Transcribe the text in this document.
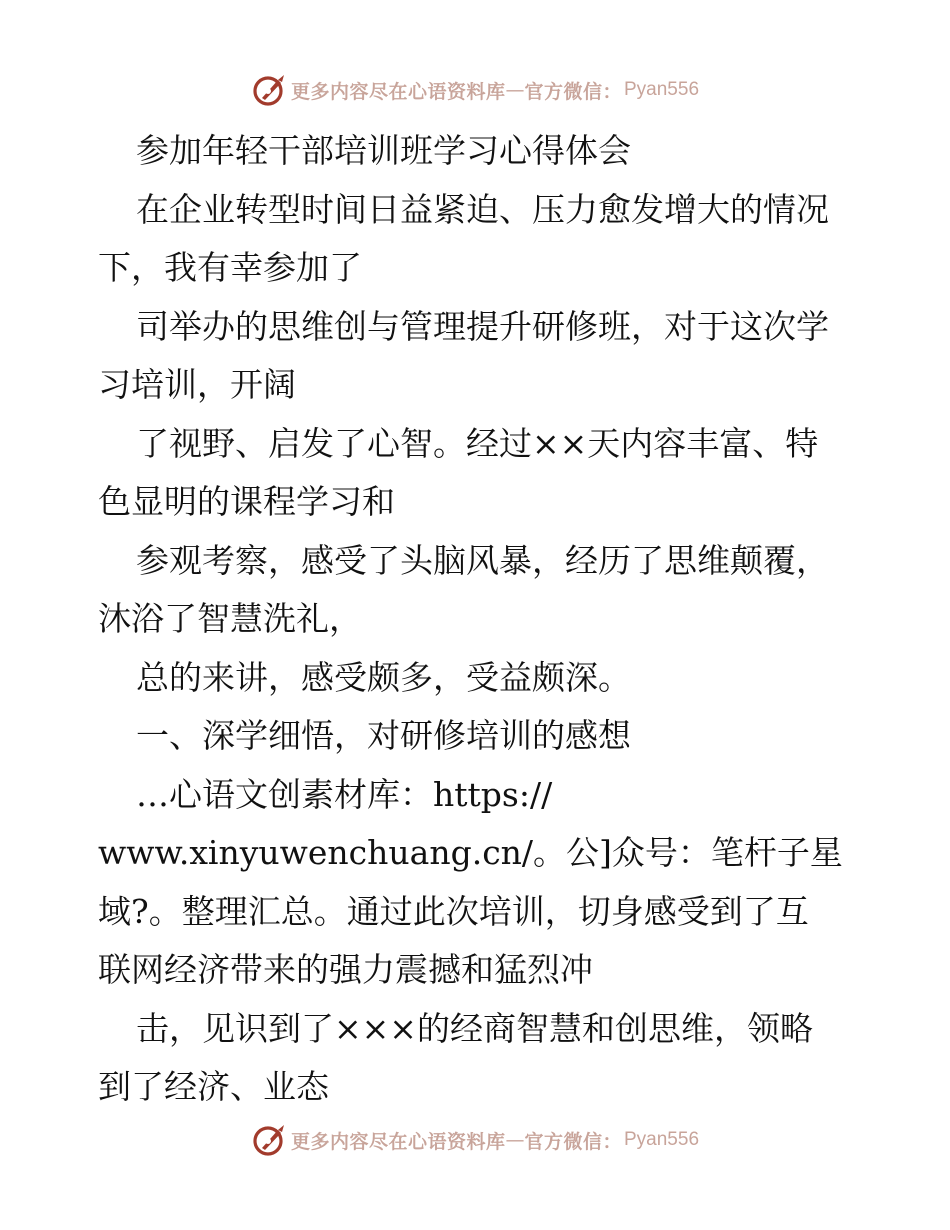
更多内容尽在心语资料库 — 官方微信： Pyan556
参加年轻干部培训班学习心得体会
在企业转型时间日益紧迫、压力愈发增大的情况
下，我有幸参加了
司举办的思维创与管理提升研修班，对于这次学
习培训，开阔
了视野、启发了心智。经过××天内容丰富、特
色显明的课程学习和
参观考察，感受了头脑风暴，经历了思维颠覆，
沐浴了智慧洗礼，
总的来讲，感受颇多，受益颇深。
一、深学细悟，对研修培训的感想
…心语文创素材库：https://
www.xinyuwenchuang.cn/。公]众号：笔杆子星
域?。整理汇总。通过此次培训，切身感受到了互
联网经济带来的强力震撼和猛烈冲
击，见识到了×××的经商智慧和创思维，领略
到了经济、业态
更多内容尽在心语资料库 — 官方微信： Pyan556
